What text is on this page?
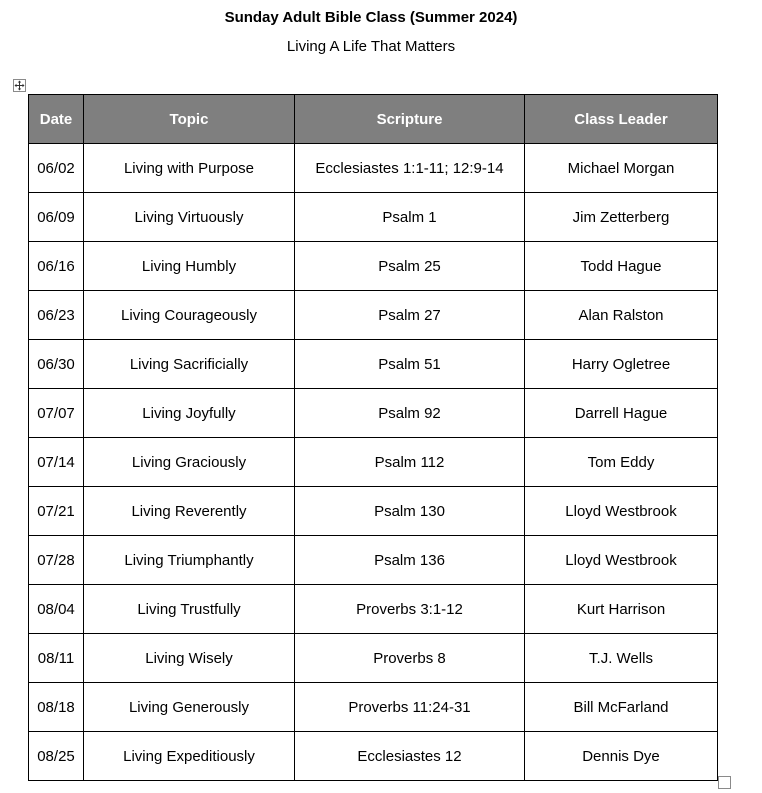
Sunday Adult Bible Class (Summer 2024)
Living A Life That Matters
Date	Topic	Scripture	Class Leader
06/02	Living with Purpose	Ecclesiastes 1:1-11; 12:9-14	Michael Morgan
06/09	Living Virtuously	Psalm 1	Jim Zetterberg
06/16	Living Humbly	Psalm 25	Todd Hague
06/23	Living Courageously	Psalm 27	Alan Ralston
06/30	Living Sacrificially	Psalm 51	Harry Ogletree
07/07	Living Joyfully	Psalm 92	Darrell Hague
07/14	Living Graciously	Psalm 112	Tom Eddy
07/21	Living Reverently	Psalm 130	Lloyd Westbrook
07/28	Living Triumphantly	Psalm 136	Lloyd Westbrook
08/04	Living Trustfully	Proverbs 3:1-12	Kurt Harrison
08/11	Living Wisely	Proverbs 8	T.J. Wells
08/18	Living Generously	Proverbs 11:24-31	Bill McFarland
08/25	Living Expeditiously	Ecclesiastes 12	Dennis Dye
